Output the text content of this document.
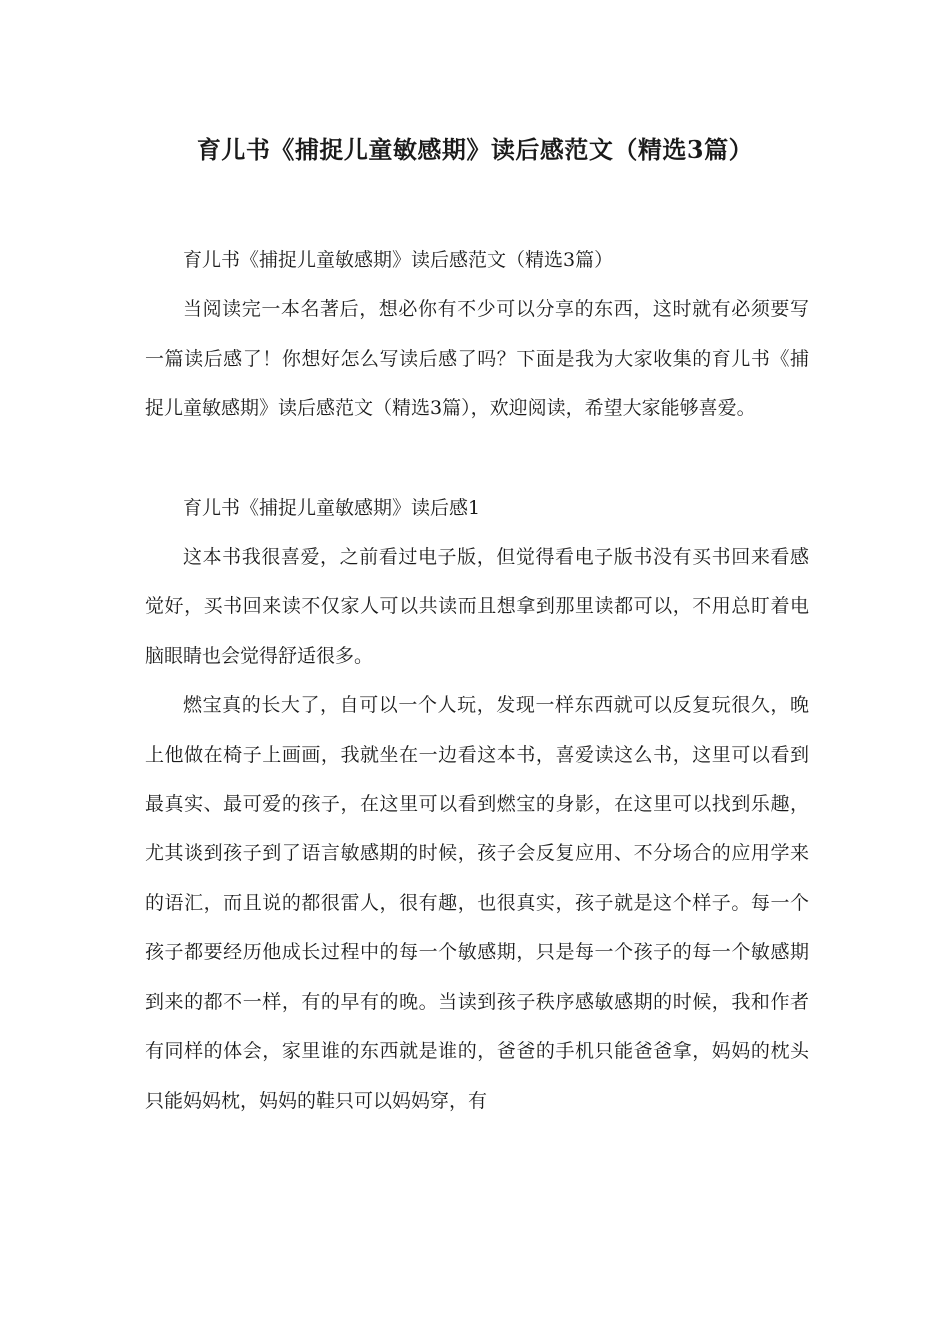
育儿书《捕捉儿童敏感期》读后感范文（精选3篇）

育儿书《捕捉儿童敏感期》读后感范文（精选3篇）

当阅读完一本名著后，想必你有不少可以分享的东西，这时就有必须要写一篇读后感了！你想好怎么写读后感了吗？下面是我为大家收集的育儿书《捕捉儿童敏感期》读后感范文（精选3篇），欢迎阅读，希望大家能够喜爱。

育儿书《捕捉儿童敏感期》读后感1

这本书我很喜爱，之前看过电子版，但觉得看电子版书没有买书回来看感觉好，买书回来读不仅家人可以共读而且想拿到那里读都可以，不用总盯着电脑眼睛也会觉得舒适很多。

燃宝真的长大了，自可以一个人玩，发现一样东西就可以反复玩很久，晚上他做在椅子上画画，我就坐在一边看这本书，喜爱读这么书，这里可以看到最真实、最可爱的孩子，在这里可以看到燃宝的身影，在这里可以找到乐趣，尤其谈到孩子到了语言敏感期的时候，孩子会反复应用、不分场合的应用学来的语汇，而且说的都很雷人，很有趣，也很真实，孩子就是这个样子。每一个孩子都要经历他成长过程中的每一个敏感期，只是每一个孩子的每一个敏感期到来的都不一样，有的早有的晚。当读到孩子秩序感敏感期的时候，我和作者有同样的体会，家里谁的东西就是谁的，爸爸的手机只能爸爸拿，妈妈的枕头只能妈妈枕，妈妈的鞋只可以妈妈穿，有
